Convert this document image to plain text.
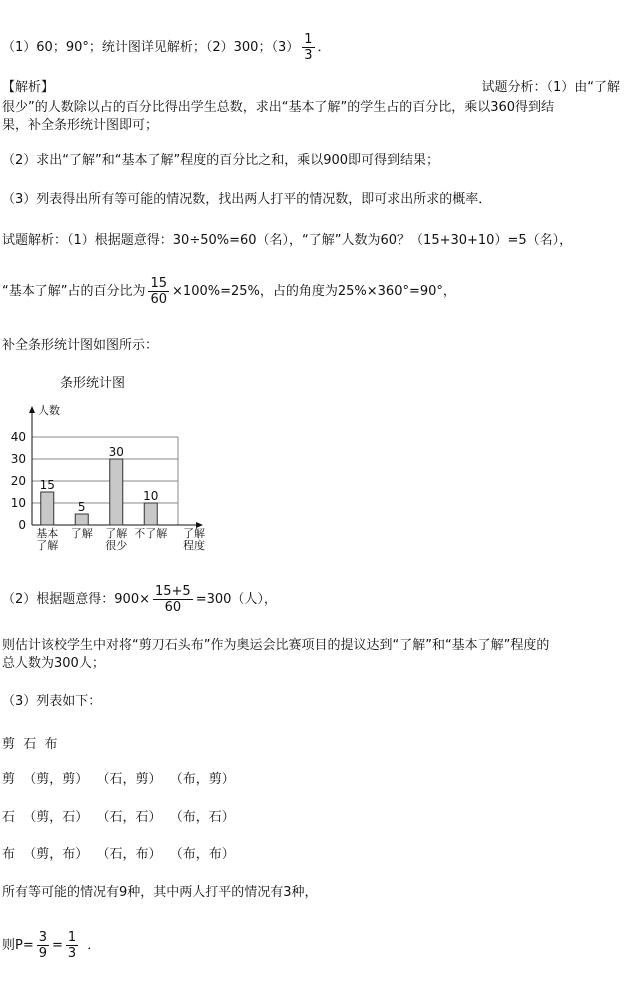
（1）60；90°；统计图详见解析；（2）300；$(3) \frac{1}{3}$ ．
【解析】	试题分析：（1）由“了解
很少”的人数除以占的百分比得出学生总数，求出“基本了解”的学生占的百分比，乘以360得到结
果，补全条形统计图即可；
（2）求出“了解”和“基本了解”程度的百分比之和，乘以900即可得到结果；
（3）列表得出所有等可能的情况数，找出两人打平的情况数，即可求出所求的概率．
试题解析：（1）根据题意得：30÷50%=60（名），“了解”人数为60？（15+30+10）=5（名），
“基本了解”占的百分比为 $\frac{15}{60} \times 100\%=25\%$，占的角度为25%×360°=90°，
补全条形统计图如图所示：
条形统计图
人数
0
10
20
30
40
15
基本
了解
5
了解
30
了解
很少
10
不了解 了解
程度
（2）根据题意得：$900\times \frac{15+5}{60} =300$（人），
则估计该校学生中对将“剪刀石头布”作为奥运会比赛项目的提议达到“了解”和“基本了解”程度的
总人数为300人；
（3）列表如下：
剪  石  布
剪  （剪，剪）  （石，剪）  （布，剪）
石  （剪，石）  （石，石）  （布，石）
布  （剪，布）  （石，布）  （布，布）
所有等可能的情况有9种，其中两人打平的情况有3种，
则$P= \frac{3}{9} = \frac{1}{3}$ ．
